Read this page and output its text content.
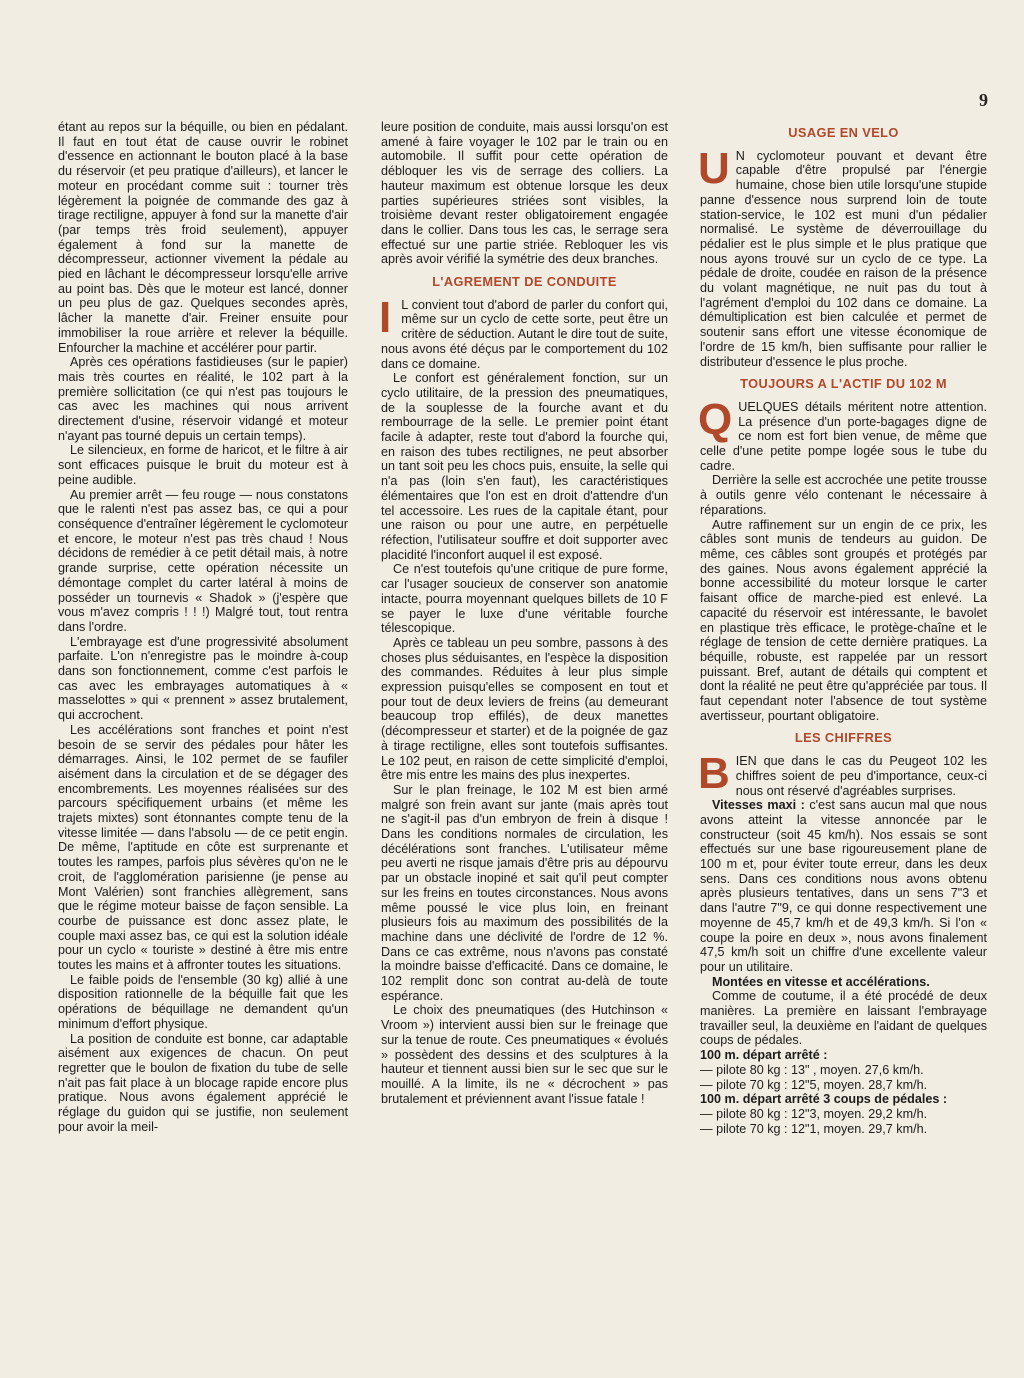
9

étant au repos sur la béquille, ou bien en pédalant. Il faut en tout état de cause ouvrir le robinet d'essence en actionnant le bouton placé à la base du réservoir (et peu pratique d'ailleurs), et lancer le moteur en procédant comme suit : tourner très légèrement la poignée de commande des gaz à tirage rectiligne, appuyer à fond sur la manette d'air (par temps très froid seulement), appuyer également à fond sur la manette de décompresseur, actionner vivement la pédale au pied en lâchant le décompresseur lorsqu'elle arrive au point bas. Dès que le moteur est lancé, donner un peu plus de gaz. Quelques secondes après, lâcher la manette d'air. Freiner ensuite pour immobiliser la roue arrière et relever la béquille. Enfourcher la machine et accélérer pour partir.

Après ces opérations fastidieuses (sur le papier) mais très courtes en réalité, le 102 part à la première sollicitation (ce qui n'est pas toujours le cas avec les machines qui nous arrivent directement d'usine, réservoir vidangé et moteur n'ayant pas tourné depuis un certain temps).

Le silencieux, en forme de haricot, et le filtre à air sont efficaces puisque le bruit du moteur est à peine audible.

Au premier arrêt — feu rouge — nous constatons que le ralenti n'est pas assez bas, ce qui a pour conséquence d'entraîner légèrement le cyclomoteur et encore, le moteur n'est pas très chaud ! Nous décidons de remédier à ce petit détail mais, à notre grande surprise, cette opération nécessite un démontage complet du carter latéral à moins de posséder un tournevis « Shadok » (j'espère que vous m'avez compris ! ! !) Malgré tout, tout rentra dans l'ordre.

L'embrayage est d'une progressivité absolument parfaite. L'on n'enregistre pas le moindre à-coup dans son fonctionnement, comme c'est parfois le cas avec les embrayages automatiques à « masselottes » qui « prennent » assez brutalement, qui accrochent.

Les accélérations sont franches et point n'est besoin de se servir des pédales pour hâter les démarrages. Ainsi, le 102 permet de se faufiler aisément dans la circulation et de se dégager des encombrements. Les moyennes réalisées sur des parcours spécifiquement urbains (et même les trajets mixtes) sont étonnantes compte tenu de la vitesse limitée — dans l'absolu — de ce petit engin. De même, l'aptitude en côte est surprenante et toutes les rampes, parfois plus sévères qu'on ne le croit, de l'agglomération parisienne (je pense au Mont Valérien) sont franchies allègrement, sans que le régime moteur baisse de façon sensible. La courbe de puissance est donc assez plate, le couple maxi assez bas, ce qui est la solution idéale pour un cyclo « touriste » destiné à être mis entre toutes les mains et à affronter toutes les situations.

Le faible poids de l'ensemble (30 kg) allié à une disposition rationnelle de la béquille fait que les opérations de béquillage ne demandent qu'un minimum d'effort physique.

La position de conduite est bonne, car adaptable aisément aux exigences de chacun. On peut regretter que le boulon de fixation du tube de selle n'ait pas fait place à un blocage rapide encore plus pratique. Nous avons également apprécié le réglage du guidon qui se justifie, non seulement pour avoir la meil-

leure position de conduite, mais aussi lorsqu'on est amené à faire voyager le 102 par le train ou en automobile. Il suffit pour cette opération de débloquer les vis de serrage des colliers. La hauteur maximum est obtenue lorsque les deux parties supérieures striées sont visibles, la troisième devant rester obligatoirement engagée dans le collier. Dans tous les cas, le serrage sera effectué sur une partie striée. Rebloquer les vis après avoir vérifié la symétrie des deux branches.

L'AGREMENT DE CONDUITE

I L convient tout d'abord de parler du confort qui, même sur un cyclo de cette sorte, peut être un critère de séduction. Autant le dire tout de suite, nous avons été déçus par le comportement du 102 dans ce domaine.

Le confort est généralement fonction, sur un cyclo utilitaire, de la pression des pneumatiques, de la souplesse de la fourche avant et du rembourrage de la selle. Le premier point étant facile à adapter, reste tout d'abord la fourche qui, en raison des tubes rectilignes, ne peut absorber un tant soit peu les chocs puis, ensuite, la selle qui n'a pas (loin s'en faut), les caractéristiques élémentaires que l'on est en droit d'attendre d'un tel accessoire. Les rues de la capitale étant, pour une raison ou pour une autre, en perpétuelle réfection, l'utilisateur souffre et doit supporter avec placidité l'inconfort auquel il est exposé.

Ce n'est toutefois qu'une critique de pure forme, car l'usager soucieux de conserver son anatomie intacte, pourra moyennant quelques billets de 10 F se payer le luxe d'une véritable fourche télescopique.

Après ce tableau un peu sombre, passons à des choses plus séduisantes, en l'espèce la disposition des commandes. Réduites à leur plus simple expression puisqu'elles se composent en tout et pour tout de deux leviers de freins (au demeurant beaucoup trop effilés), de deux manettes (décompresseur et starter) et de la poignée de gaz à tirage rectiligne, elles sont toutefois suffisantes. Le 102 peut, en raison de cette simplicité d'emploi, être mis entre les mains des plus inexpertes.

Sur le plan freinage, le 102 M est bien armé malgré son frein avant sur jante (mais après tout ne s'agit-il pas d'un embryon de frein à disque ! Dans les conditions normales de circulation, les décélérations sont franches. L'utilisateur même peu averti ne risque jamais d'être pris au dépourvu par un obstacle inopiné et sait qu'il peut compter sur les freins en toutes circonstances. Nous avons même poussé le vice plus loin, en freinant plusieurs fois au maximum des possibilités de la machine dans une déclivité de l'ordre de 12 %. Dans ce cas extrême, nous n'avons pas constaté la moindre baisse d'efficacité. Dans ce domaine, le 102 remplit donc son contrat au-delà de toute espérance.

Le choix des pneumatiques (des Hutchinson « Vroom ») intervient aussi bien sur le freinage que sur la tenue de route. Ces pneumatiques « évolués » possèdent des dessins et des sculptures à la hauteur et tiennent aussi bien sur le sec que sur le mouillé. A la limite, ils ne « décrochent » pas brutalement et préviennent avant l'issue fatale !

USAGE EN VELO

U N cyclomoteur pouvant et devant être capable d'être propulsé par l'énergie humaine, chose bien utile lorsqu'une stupide panne d'essence nous surprend loin de toute station-service, le 102 est muni d'un pédalier normalisé. Le système de déverrouillage du pédalier est le plus simple et le plus pratique que nous ayons trouvé sur un cyclo de ce type. La pédale de droite, coudée en raison de la présence du volant magnétique, ne nuit pas du tout à l'agrément d'emploi du 102 dans ce domaine. La démultiplication est bien calculée et permet de soutenir sans effort une vitesse économique de l'ordre de 15 km/h, bien suffisante pour rallier le distributeur d'essence le plus proche.

TOUJOURS A L'ACTIF DU 102 M

QUELQUES détails méritent notre attention. La présence d'un porte-bagages digne de ce nom est fort bien venue, de même que celle d'une petite pompe logée sous le tube du cadre.

Derrière la selle est accrochée une petite trousse à outils genre vélo contenant le nécessaire à réparations.

Autre raffinement sur un engin de ce prix, les câbles sont munis de tendeurs au guidon. De même, ces câbles sont groupés et protégés par des gaines. Nous avons également apprécié la bonne accessibilité du moteur lorsque le carter faisant office de marche-pied est enlevé. La capacité du réservoir est intéressante, le bavolet en plastique très efficace, le protège-chaîne et le réglage de tension de cette dernière pratiques. La béquille, robuste, est rappelée par un ressort puissant. Bref, autant de détails qui comptent et dont la réalité ne peut être qu'appréciée par tous. Il faut cependant noter l'absence de tout système avertisseur, pourtant obligatoire.

LES CHIFFRES

BIEN que dans le cas du Peugeot 102 les chiffres soient de peu d'importance, ceux-ci nous ont réservé d'agréables surprises.

Vitesses maxi : c'est sans aucun mal que nous avons atteint la vitesse annoncée par le constructeur (soit 45 km/h). Nos essais se sont effectués sur une base rigoureusement plane de 100 m et, pour éviter toute erreur, dans les deux sens. Dans ces conditions nous avons obtenu après plusieurs tentatives, dans un sens 7"3 et dans l'autre 7"9, ce qui donne respectivement une moyenne de 45,7 km/h et de 49,3 km/h. Si l'on « coupe la poire en deux », nous avons finalement 47,5 km/h soit un chiffre d'une excellente valeur pour un utilitaire.

Montées en vitesse et accélérations.

Comme de coutume, il a été procédé de deux manières. La première en laissant l'embrayage travailler seul, la deuxième en l'aidant de quelques coups de pédales.

100 m. départ arrêté :

— pilote 80 kg : 13" , moyen. 27,6 km/h.

— pilote 70 kg : 12"5, moyen. 28,7 km/h.

100 m. départ arrêté 3 coups de pédales :

— pilote 80 kg : 12"3, moyen. 29,2 km/h.

— pilote 70 kg : 12"1, moyen. 29,7 km/h.
